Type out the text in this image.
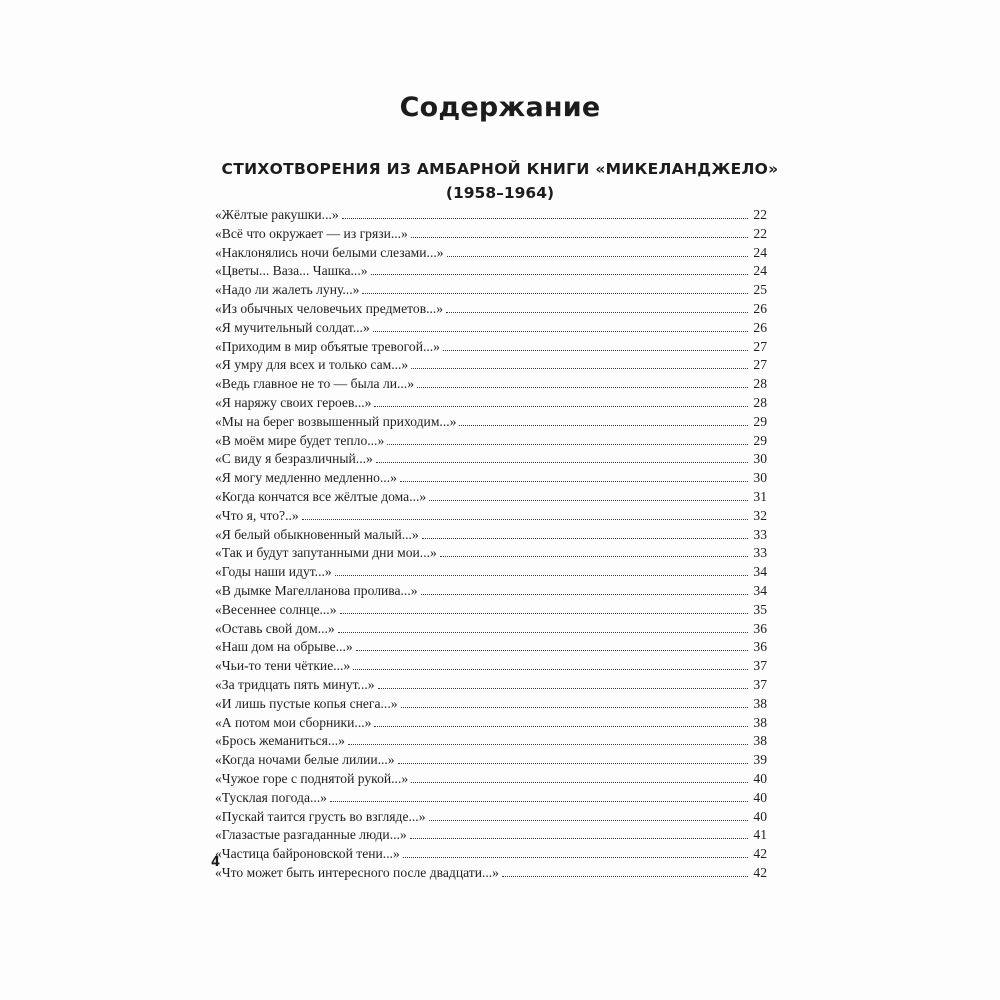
Содержание
СТИХОТВОРЕНИЯ ИЗ АМБАРНОЙ КНИГИ «МИКЕЛАНДЖЕЛО»
(1958–1964)
«Жёлтые ракушки...»	22
«Всё что окружает — из грязи...»	22
«Наклонялись ночи белыми слезами...»	24
«Цветы... Ваза... Чашка...»	24
«Надо ли жалеть луну...»	25
«Из обычных человечьих предметов...»	26
«Я мучительный солдат...»	26
«Приходим в мир объятые тревогой...»	27
«Я умру для всех и только сам...»	27
«Ведь главное не то — была ли...»	28
«Я наряжу своих героев...»	28
«Мы на берег возвышенный приходим...»	29
«В моём мире будет тепло...»	29
«С виду я безразличный...»	30
«Я могу медленно медленно...»	30
«Когда кончатся все жёлтые дома...»	31
«Что я, что?..»	32
«Я белый обыкновенный малый...»	33
«Так и будут запутанными дни мои...»	33
«Годы наши идут...»	34
«В дымке Магелланова пролива...»	34
«Весеннее солнце...»	35
«Оставь свой дом...»	36
«Наш дом на обрыве...»	36
«Чьи-то тени чёткие...»	37
«За тридцать пять минут...»	37
«И лишь пустые копья снега...»	38
«А потом мои сборники...»	38
«Брось жеманиться...»	38
«Когда ночами белые лилии...»	39
«Чужое горе с поднятой рукой...»	40
«Тусклая погода...»	40
«Пускай таится грусть во взгляде...»	40
«Глазастые разгаданные люди...»	41
«Частица байроновской тени...»	42
«Что может быть интересного после двадцати...»	42
4
